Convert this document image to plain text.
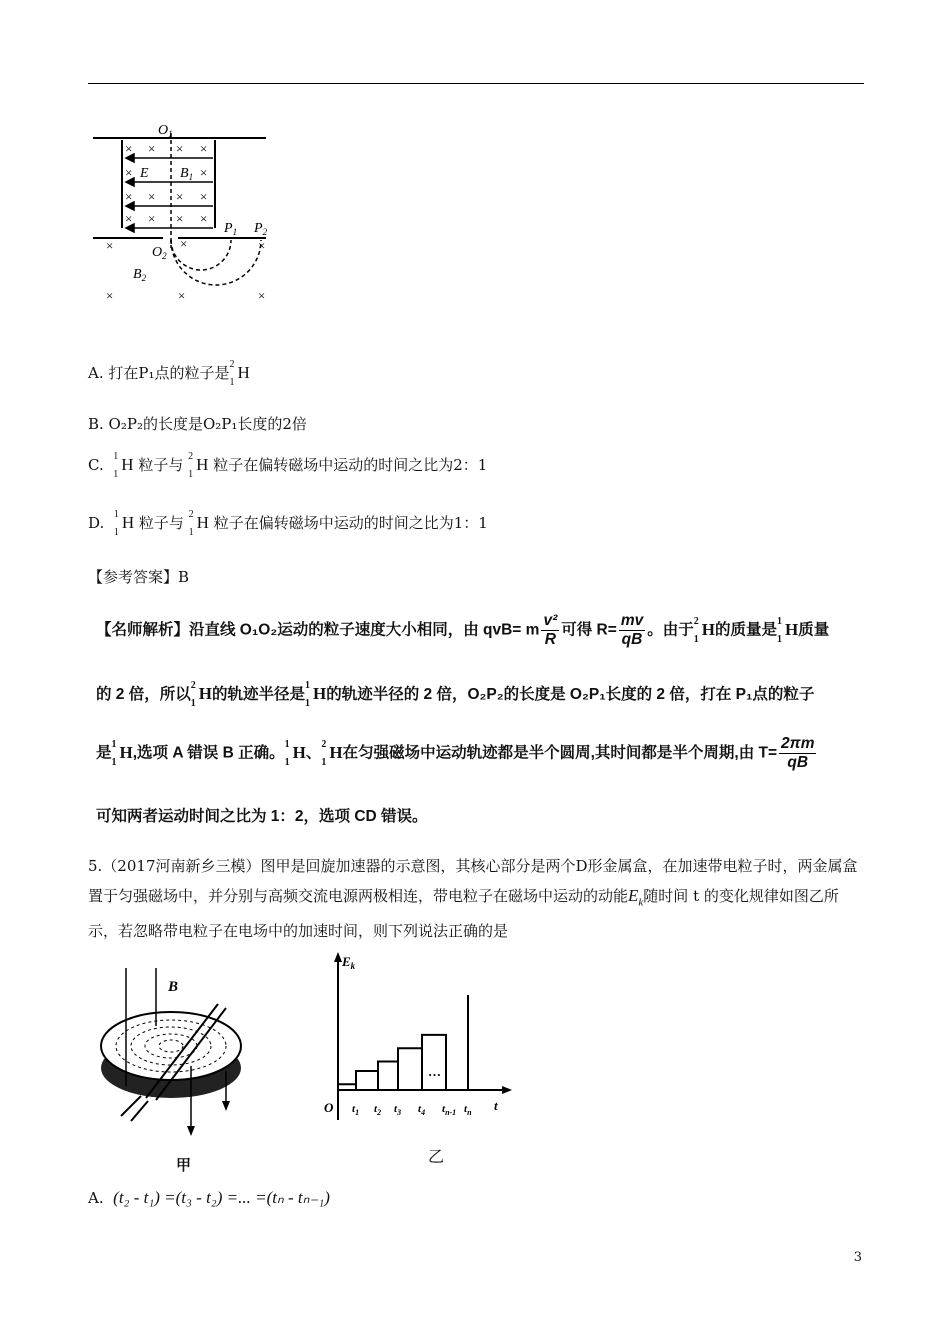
× × × ×
×	×
× × × ×
× × × ×
×
×	×
×	×	×
$O_1$
E $B_1$
$O_2$
$P_1$ $P_2$
$B_2$
A. 打在P₁点的粒子是 2
1
H
B. O₂P₂的长度是O₂P₁长度的2倍
C. 1
1
H 粒子与 2
1
H 粒子在偏转磁场中运动的时间之比为2：1
D. 1
1
H 粒子与 2
1
H 粒子在偏转磁场中运动的时间之比为1：1
【参考答案】B
【名师解析】沿直线 O₁O₂运动的粒子速度大小相同，由 qvB= m $\frac{\text{v²}}{R}$ 可得 $R= \frac{mv}{qB}$ 。由于
2
1
H的质量是
1
1
H质量
的 2 倍，所以
2
1
H的轨迹半径是
1
1
H的轨迹半径的 2 倍，O₂P₂的长度是 O₂P₁长度的 2 倍，打在 P₁点的粒子
是
1
1
H,选项 A 错误 B 正确。
1
1
H、
2
1
H在匀强磁场中运动轨迹都是半个圆周,其时间都是半个周期,由 $T= \frac{2\pi m}{qB}$
可知两者运动时间之比为 1：2，选项 CD 错误。
5.（2017河南新乡三模）图甲是回旋加速器的示意图，其核心部分是两个D形金属盒，在加速带电粒子时，两金属盒置于匀强磁场中，并分别与高频交流电源两极相连，带电粒子在磁场中运动的动能$E_k$随时间 t 的变化规律如图乙所示，若忽略带电粒子在电场中的加速时间，则下列说法正确的是
B
甲
$E_k$
O	t
…
$t_1$ $t_2$ $t_3$ $t_4$ $t_{n-1}$ $t_n$
乙
A. (t₂ - t₁) =(t₃ - t₂) =... =(tₙ - tₙ₋₁)
3
